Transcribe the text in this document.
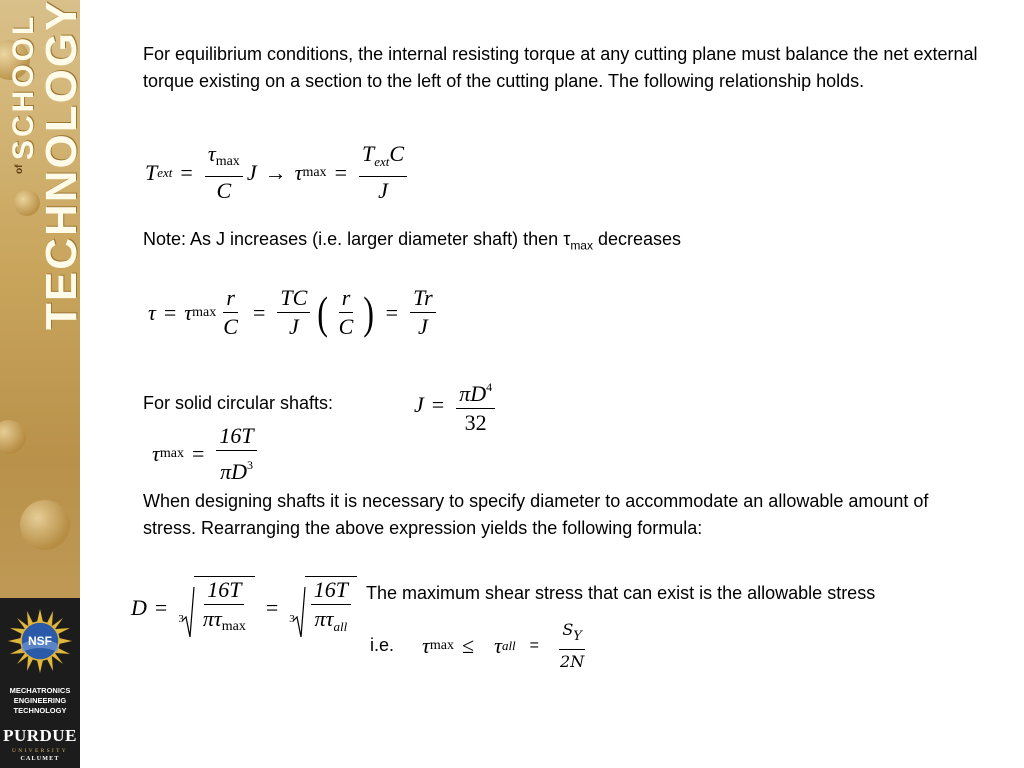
SCHOOL
of TECHNOLOGY
NSF
MECHATRONICS
ENGINEERING
TECHNOLOGY
PURDUE
UNIVERSITY
CALUMET
For equilibrium conditions, the internal resisting torque at any cutting plane must balance the net external torque existing on a section to the left of the cutting plane. The following relationship holds.
T ext = $\frac{\tau\max}{C}$ J → τ $\max = \frac{T_{ext}C}{J}$
Note: As J increases (i.e. larger diameter shaft) then $\tau_{max}$ decreases
τ = τ $\max \frac{r}{C} = \frac{TC}{J}$ ( $\frac{r}{C}$ ) = $\frac{Tr}{J}$
For solid circular shafts:	$J = \frac{\pi D^4}{32}$
τ $\max = \frac{16T}{\pi D^3}$
When designing shafts it is necessary to specify diameter to accommodate an allowable amount of stress. Rearranging the above expression yields the following formula:
$D = 3 \frac{16T}{\pi\tau\max} = 3 \frac{16T}{\pi\tau_{all}}$ The maximum shear stress that can exist is the allowable stress
i.e. τ max ≤ τ all = $\frac{S_Y}{2N}$
